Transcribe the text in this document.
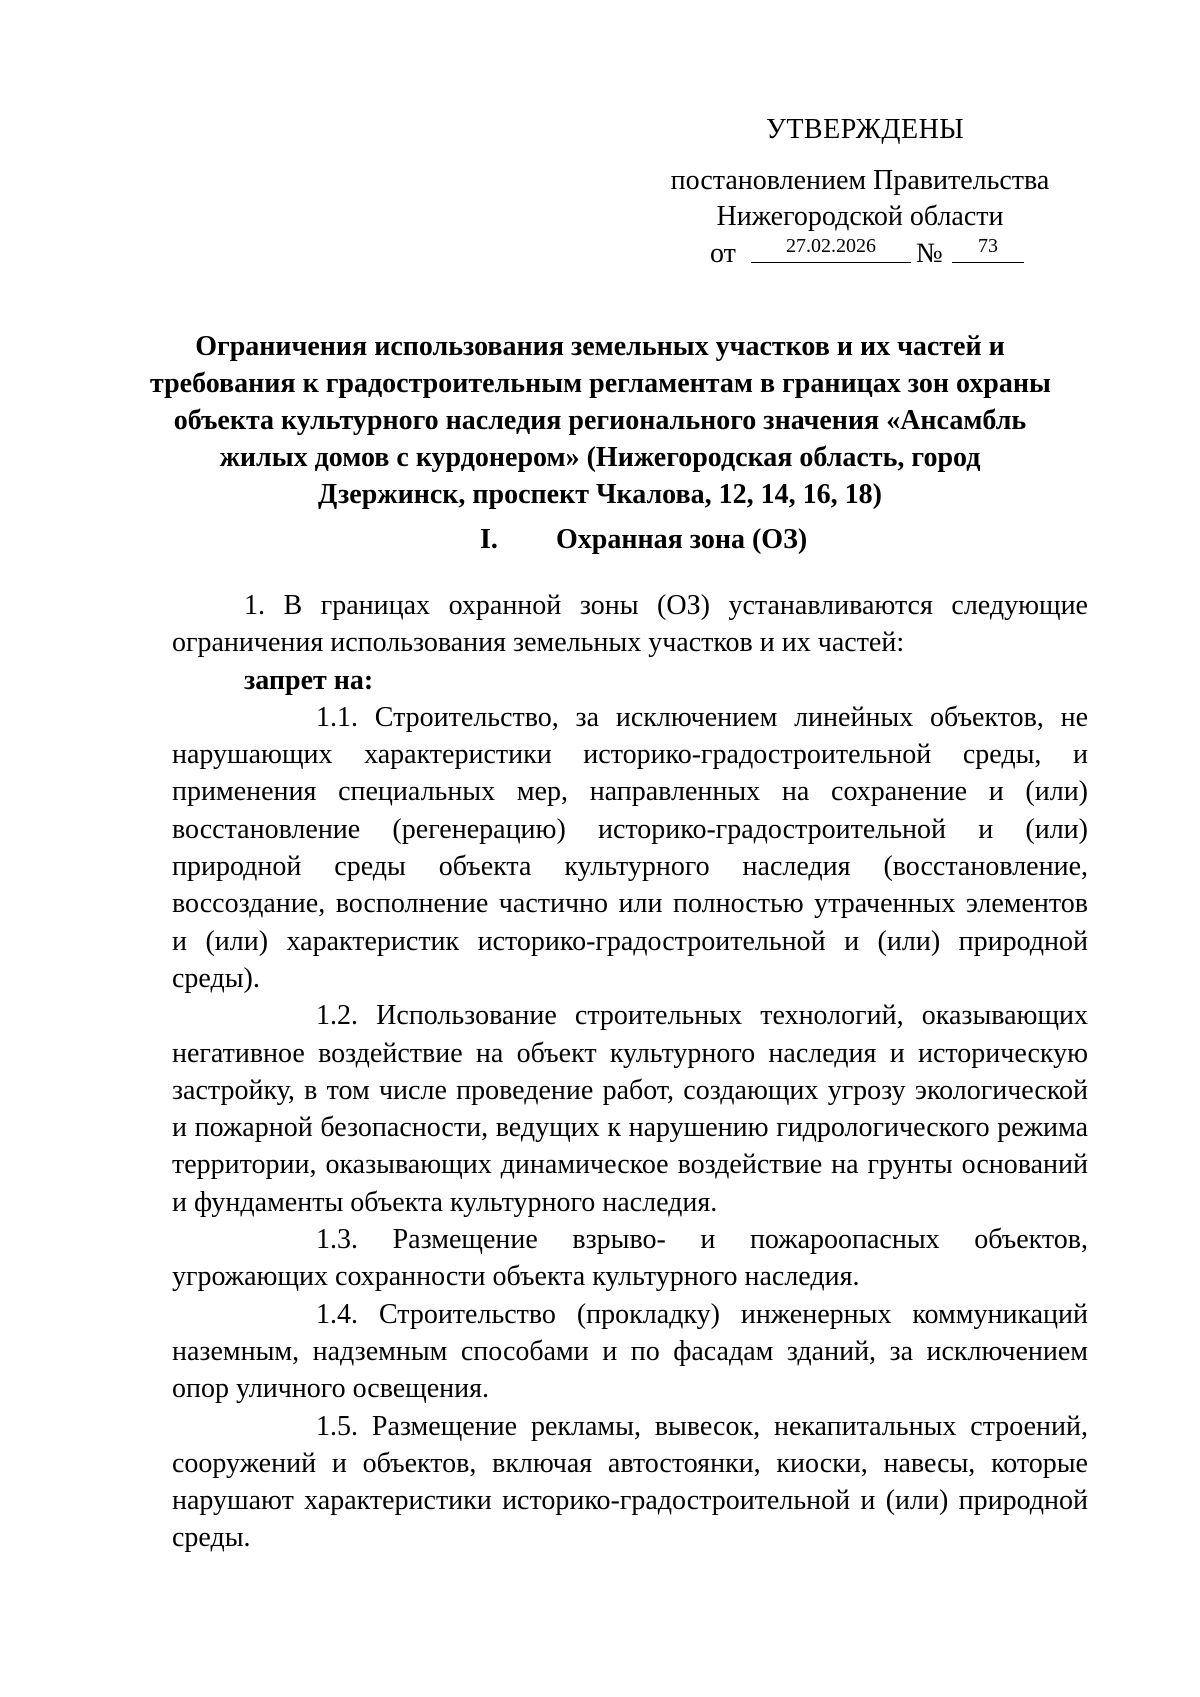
УТВЕРЖДЕНЫ
постановлением Правительства
Нижегородской области
от	27.02.2026	№	73
Ограничения использования земельных участков и их частей и
требования к градостроительным регламентам в границах зон охраны
объекта культурного наследия регионального значения «Ансамбль
жилых домов с курдонером» (Нижегородская область, город
Дзержинск, проспект Чкалова, 12, 14, 16, 18)
I. Охранная зона (ОЗ)

1. В границах охранной зоны (ОЗ) устанавливаются следующие ограничения использования земельных участков и их частей:

запрет на:

1.1. Строительство, за исключением линейных объектов, не нарушающих характеристики историко-градостроительной среды, и применения специальных мер, направленных на сохранение и (или) восстановление (регенерацию) историко-градостроительной и (или) природной среды объекта культурного наследия (восстановление, воссоздание, восполнение частично или полностью утраченных элементов и (или) характеристик историко-градостроительной и (или) природной среды).

1.2. Использование строительных технологий, оказывающих негативное воздействие на объект культурного наследия и историческую застройку, в том числе проведение работ, создающих угрозу экологической и пожарной безопасности, ведущих к нарушению гидрологического режима территории, оказывающих динамическое воздействие на грунты оснований и фундаменты объекта культурного наследия.

1.3. Размещение взрыво- и пожароопасных объектов, угрожающих сохранности объекта культурного наследия.

1.4. Строительство (прокладку) инженерных коммуникаций наземным, надземным способами и по фасадам зданий, за исключением опор уличного освещения.

1.5. Размещение рекламы, вывесок, некапитальных строений, сооружений и объектов, включая автостоянки, киоски, навесы, которые нарушают характеристики историко-градостроительной и (или) природной среды.
